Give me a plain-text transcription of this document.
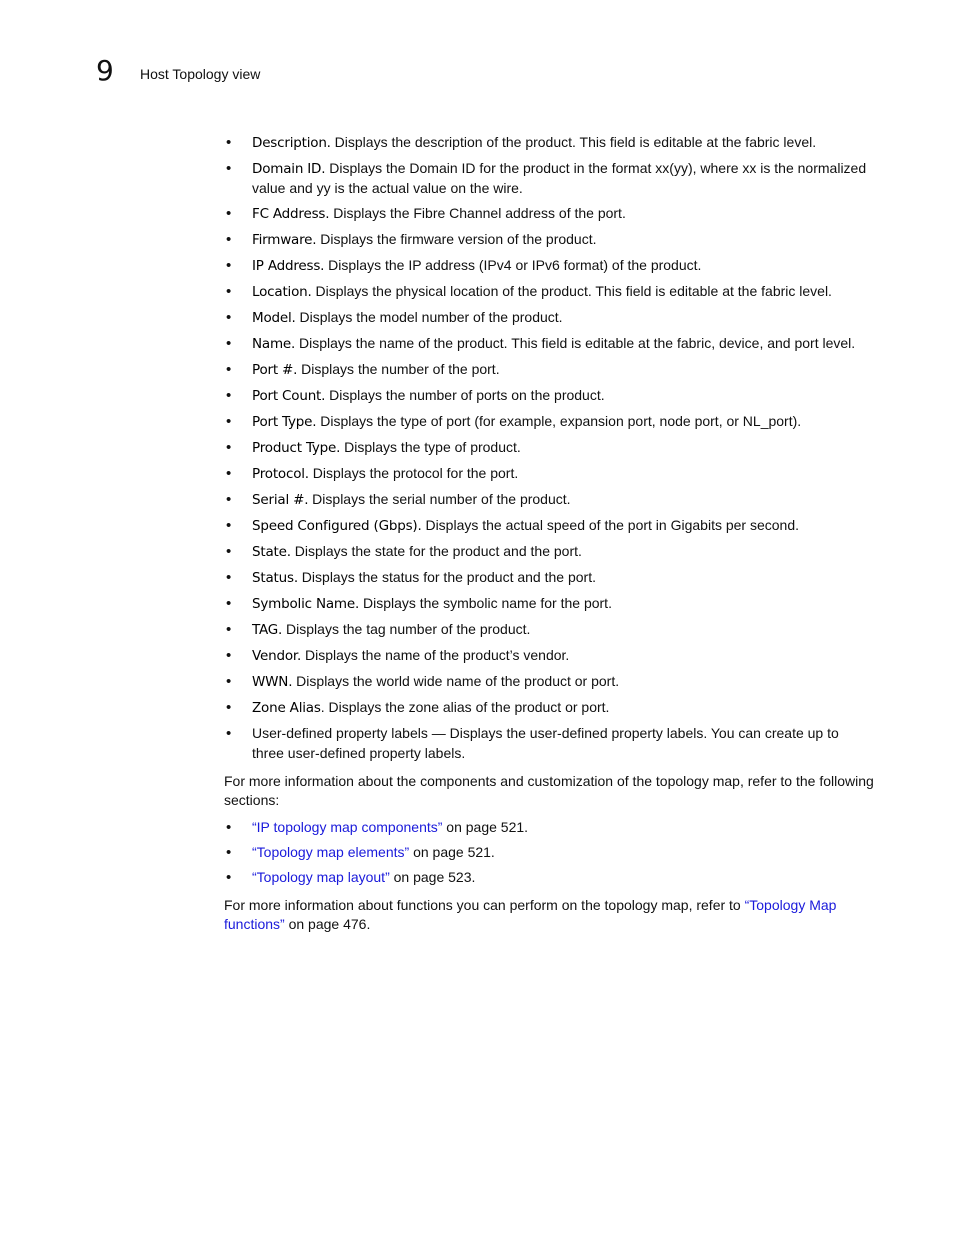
9 Host Topology view
• Description. Displays the description of the product. This field is editable at the fabric level.
• Domain ID. Displays the Domain ID for the product in the format xx(yy), where xx is the normalized value and yy is the actual value on the wire.
• FC Address. Displays the Fibre Channel address of the port.
• Firmware. Displays the firmware version of the product.
• IP Address. Displays the IP address (IPv4 or IPv6 format) of the product.
• Location. Displays the physical location of the product. This field is editable at the fabric level.
• Model. Displays the model number of the product.
• Name. Displays the name of the product. This field is editable at the fabric, device, and port level.
• Port #. Displays the number of the port.
• Port Count. Displays the number of ports on the product.
• Port Type. Displays the type of port (for example, expansion port, node port, or NL_port).
• Product Type. Displays the type of product.
• Protocol. Displays the protocol for the port.
• Serial #. Displays the serial number of the product.
• Speed Configured (Gbps). Displays the actual speed of the port in Gigabits per second.
• State. Displays the state for the product and the port.
• Status. Displays the status for the product and the port.
• Symbolic Name. Displays the symbolic name for the port.
• TAG. Displays the tag number of the product.
• Vendor. Displays the name of the product’s vendor.
• WWN. Displays the world wide name of the product or port.
• Zone Alias. Displays the zone alias of the product or port.
• User-defined property labels — Displays the user-defined property labels. You can create up to three user-defined property labels.

For more information about the components and customization of the topology map, refer to the following sections:

• “IP topology map components” on page 521.
• “Topology map elements” on page 521.
• “Topology map layout” on page 523.

For more information about functions you can perform on the topology map, refer to “Topology Map functions” on page 476.
